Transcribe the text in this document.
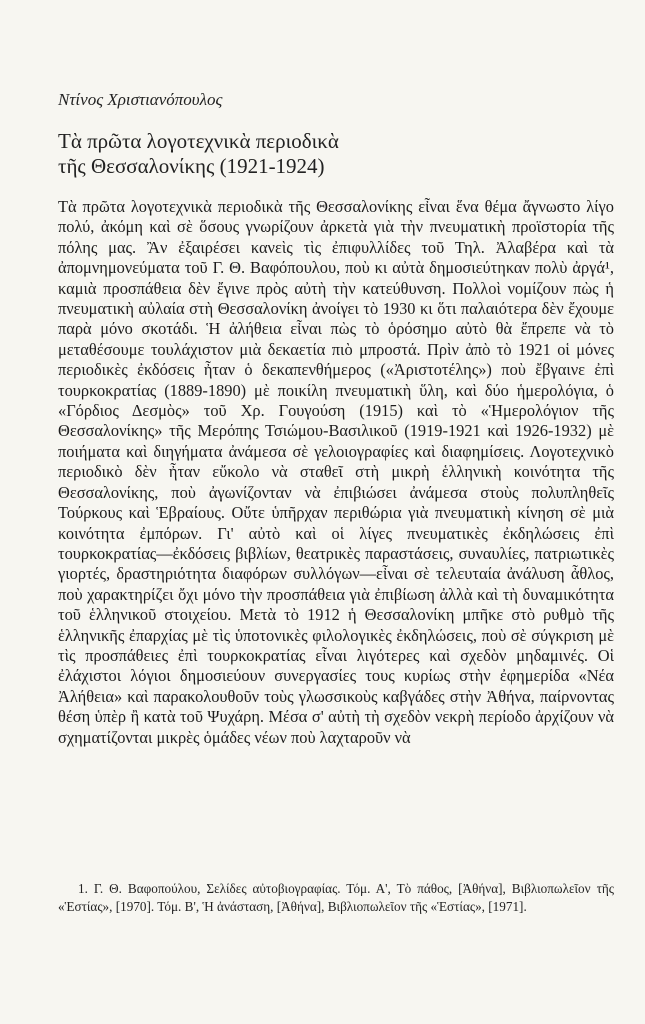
Ντίνος Χριστιανόπουλος
Τὰ πρῶτα λογοτεχνικὰ περιοδικὰ
τῆς Θεσσαλονίκης (1921-1924)
Τὰ πρῶτα λογοτεχνικὰ περιοδικὰ τῆς Θεσσαλονίκης εἶναι ἕνα θέμα ἄγνωστο λίγο πολύ, ἀκόμη καὶ σὲ ὅσους γνωρίζουν ἀρκετὰ γιὰ τὴν πνευματικὴ προϊστορία τῆς πόλης μας. Ἂν ἐξαιρέσει κανεὶς τὶς ἐπιφυλλίδες τοῦ Τηλ. Ἀλαβέρα καὶ τὰ ἀπομνημονεύματα τοῦ Γ. Θ. Βαφόπουλου, ποὺ κι αὐτὰ δημοσιεύτηκαν πολὺ ἀργά¹, καμιὰ προσπάθεια δὲν ἔγινε πρὸς αὐτὴ τὴν κατεύθυνση. Πολλοὶ νομίζουν πὼς ἡ πνευματικὴ αὐλαία στὴ Θεσσαλονίκη ἀνοίγει τὸ 1930 κι ὅτι παλαιότερα δὲν ἔχουμε παρὰ μόνο σκοτάδι. Ἡ ἀλήθεια εἶναι πὼς τὸ ὁρόσημο αὐτὸ θὰ ἔπρεπε νὰ τὸ μεταθέσουμε τουλάχιστον μιὰ δεκαετία πιὸ μπροστά. Πρὶν ἀπὸ τὸ 1921 οἱ μόνες περιοδικὲς ἐκδόσεις ἦταν ὁ δεκαπενθήμερος («Ἀριστοτέλης») ποὺ ἔβγαινε ἐπὶ τουρκοκρατίας (1889-1890) μὲ ποικίλη πνευματικὴ ὕλη, καὶ δύο ἡμερολόγια, ὁ «Γόρδιος Δεσμὸς» τοῦ Χρ. Γουγούση (1915) καὶ τὸ «Ἡμερολόγιον τῆς Θεσσαλονίκης» τῆς Μερόπης Τσιώμου-Βασιλικοῦ (1919-1921 καὶ 1926-1932) μὲ ποιήματα καὶ διηγήματα ἀνάμεσα σὲ γελοιογραφίες καὶ διαφημίσεις. Λογοτεχνικὸ περιοδικὸ δὲν ἦταν εὔκολο νὰ σταθεῖ στὴ μικρὴ ἑλληνικὴ κοινότητα τῆς Θεσσαλονίκης, ποὺ ἀγωνίζονταν νὰ ἐπιβιώσει ἀνάμεσα στοὺς πολυπληθεῖς Τούρκους καὶ Ἑβραίους. Οὔτε ὑπῆρχαν περιθώρια γιὰ πνευματικὴ κίνηση σὲ μιὰ κοινότητα ἐμπόρων. Γι' αὐτὸ καὶ οἱ λίγες πνευματικὲς ἐκδηλώσεις ἐπὶ τουρκοκρατίας—ἐκδόσεις βιβλίων, θεατρικὲς παραστάσεις, συναυλίες, πατριωτικὲς γιορτές, δραστηριότητα διαφόρων συλλόγων—εἶναι σὲ τελευταία ἀνάλυση ἆθλος, ποὺ χαρακτηρίζει ὄχι μόνο τὴν προσπάθεια γιὰ ἐπιβίωση ἀλλὰ καὶ τὴ δυναμικότητα τοῦ ἑλληνικοῦ στοιχείου. Μετὰ τὸ 1912 ἡ Θεσσαλονίκη μπῆκε στὸ ρυθμὸ τῆς ἑλληνικῆς ἐπαρχίας μὲ τὶς ὑποτονικὲς φιλολογικὲς ἐκδηλώσεις, ποὺ σὲ σύγκριση μὲ τὶς προσπάθειες ἐπὶ τουρκοκρατίας εἶναι λιγότερες καὶ σχεδὸν μηδαμινές. Οἱ ἐλάχιστοι λόγιοι δημοσιεύουν συνεργασίες τους κυρίως στὴν ἐφημερίδα «Νέα Ἀλήθεια» καὶ παρακολουθοῦν τοὺς γλωσσικοὺς καβγάδες στὴν Ἀθήνα, παίρνοντας θέση ὑπὲρ ἢ κατὰ τοῦ Ψυχάρη. Μέσα σ' αὐτὴ τὴ σχεδὸν νεκρὴ περίοδο ἀρχίζουν νὰ σχηματίζονται μικρὲς ὁμάδες νέων ποὺ λαχταροῦν νὰ
1. Γ. Θ. Βαφοπούλου, Σελίδες αὐτοβιογραφίας. Τόμ. Α', Τὸ πάθος, [Ἀθήνα], Βιβλιοπωλεῖον τῆς «Ἑστίας», [1970]. Τόμ. Β', Ἡ ἀνάσταση, [Ἀθήνα], Βιβλιοπωλεῖον τῆς «Ἑστίας», [1971].
